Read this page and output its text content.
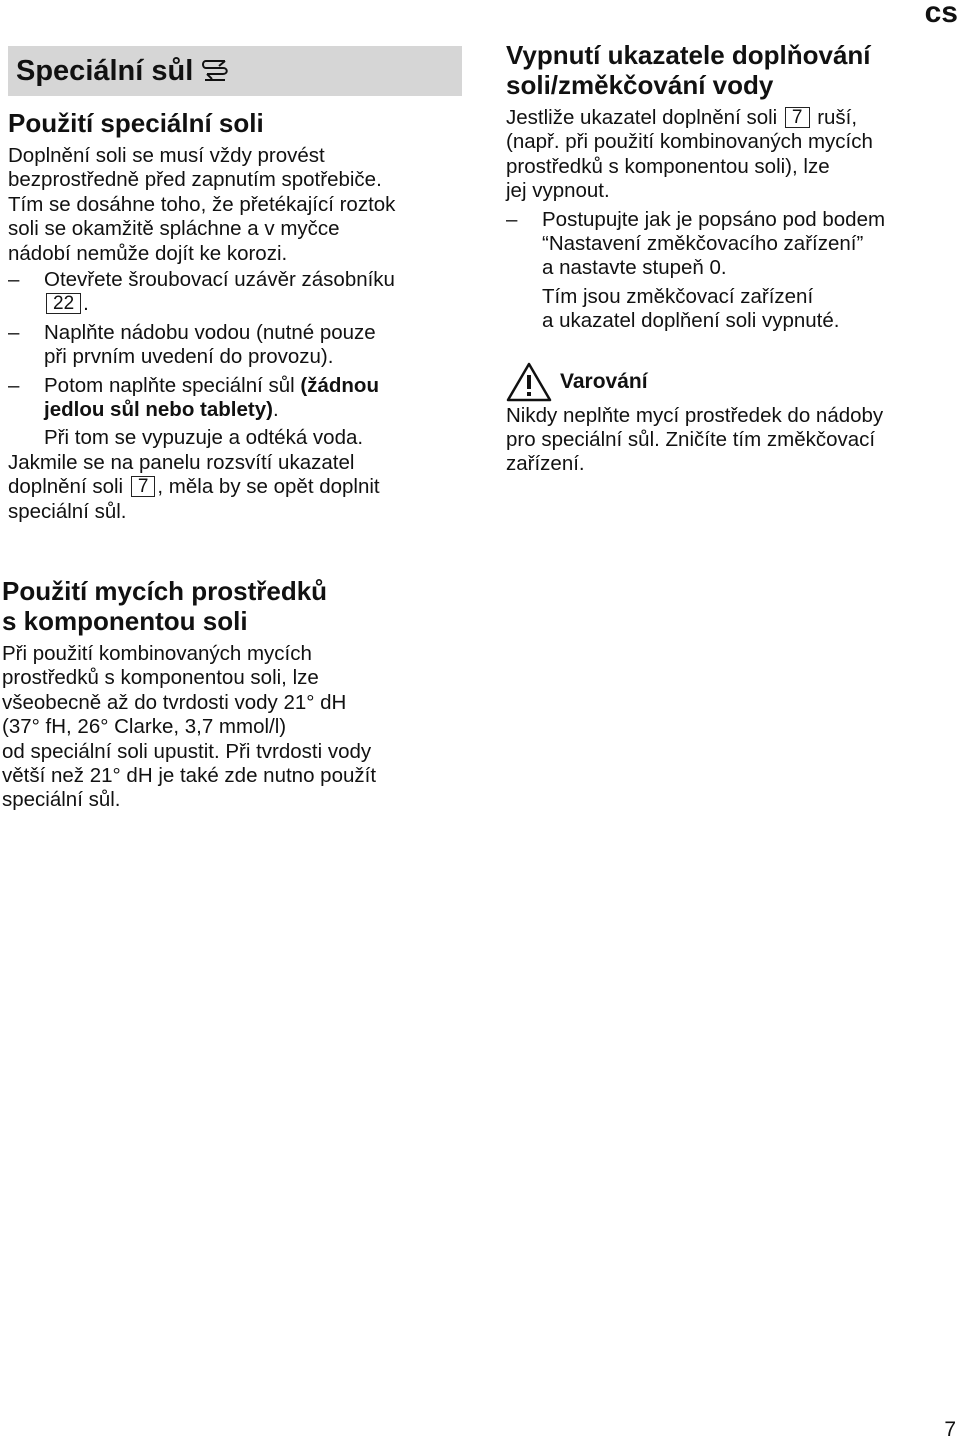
cs
Speciální sůl
Použití speciální soli

Doplnění soli se musí vždy provést

bezprostředně před zapnutím spotřebiče.

Tím se dosáhne toho, že přetékající roztok

soli se okamžitě spláchne a v myčce

nádobí nemůže dojít ke korozi.

– Otevřete šroubovací uzávěr zásobníku
22 .
– Naplňte nádobu vodou (nutné pouze
při prvním uvedení do provozu).
– Potom naplňte speciální sůl (žádnou
jedlou sůl nebo tablety).
Při tom se vypuzuje a odtéká voda.

Jakmile se na panelu rozsvítí ukazatel

doplnění soli 7 , měla by se opět doplnit

speciální sůl.

Vypnutí ukazatele doplňování
soli/změkčování vody

Jestliže ukazatel doplnění soli 7 ruší,

(např. při použití kombinovaných mycích

prostředků s komponentou soli), lze

jej vypnout.

– Postupujte jak je popsáno pod bodem
“Nastavení změkčovacího zařízení”
a nastavte stupeň 0.
Tím jsou změkčovací zařízení
a ukazatel doplňení soli vypnuté.
Varování

Nikdy neplňte mycí prostředek do nádoby

pro speciální sůl. Zničíte tím změkčovací

zařízení.

Použití mycích prostředků
s komponentou soli

Při použití kombinovaných mycích

prostředků s komponentou soli, lze

všeobecně až do tvrdosti vody 21° dH

(37° fH, 26° Clarke, 3,7 mmol/l)

od speciální soli upustit. Při tvrdosti vody

větší než 21° dH je také zde nutno použít

speciální sůl.

7
